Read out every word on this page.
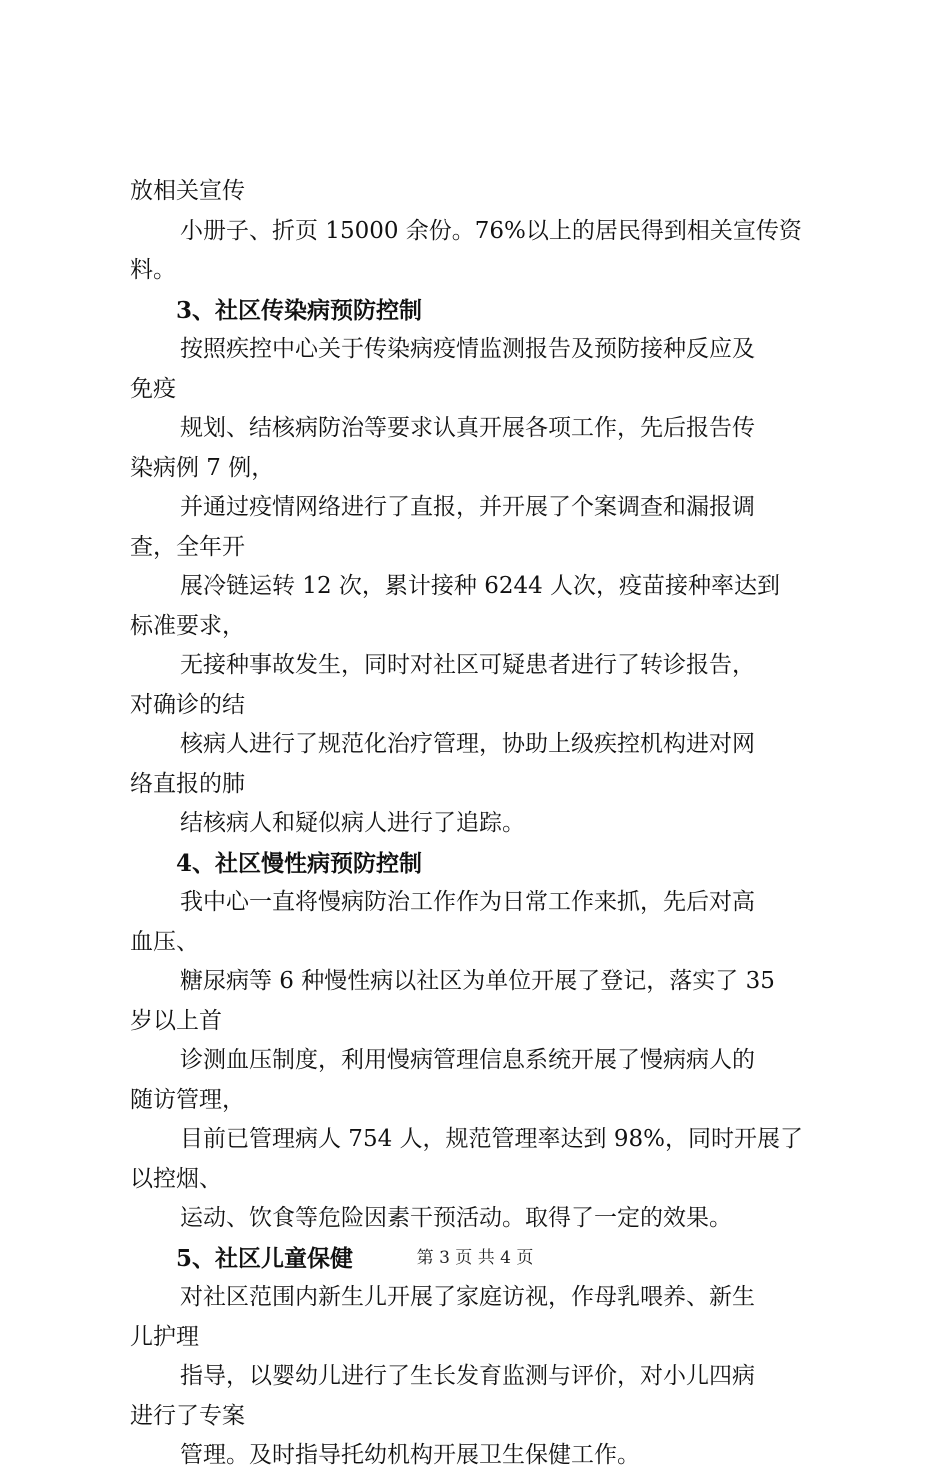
放相关宣传

小册子、折页 15000 余份。76%以上的居民得到相关宣传资
料。

3、社区传染病预防控制

按照疾控中心关于传染病疫情监测报告及预防接种反应及
免疫

规划、结核病防治等要求认真开展各项工作，先后报告传
染病例 7 例，

并通过疫情网络进行了直报，并开展了个案调查和漏报调
查，全年开

展冷链运转 12 次，累计接种 6244 人次，疫苗接种率达到
标准要求，

无接种事故发生，同时对社区可疑患者进行了转诊报告，
对确诊的结

核病人进行了规范化治疗管理，协助上级疾控机构进对网
络直报的肺

结核病人和疑似病人进行了追踪。

4、社区慢性病预防控制

我中心一直将慢病防治工作作为日常工作来抓，先后对高
血压、

糖尿病等 6 种慢性病以社区为单位开展了登记，落实了 35
岁以上首

诊测血压制度，利用慢病管理信息系统开展了慢病病人的
随访管理，

目前已管理病人 754 人，规范管理率达到 98%，同时开展了
以控烟、

运动、饮食等危险因素干预活动。取得了一定的效果。

5、社区儿童保健

对社区范围内新生儿开展了家庭访视，作母乳喂养、新生
儿护理

指导，以婴幼儿进行了生长发育监测与评价，对小儿四病
进行了专案

管理。及时指导托幼机构开展卫生保健工作。

第 3 页 共 4 页
